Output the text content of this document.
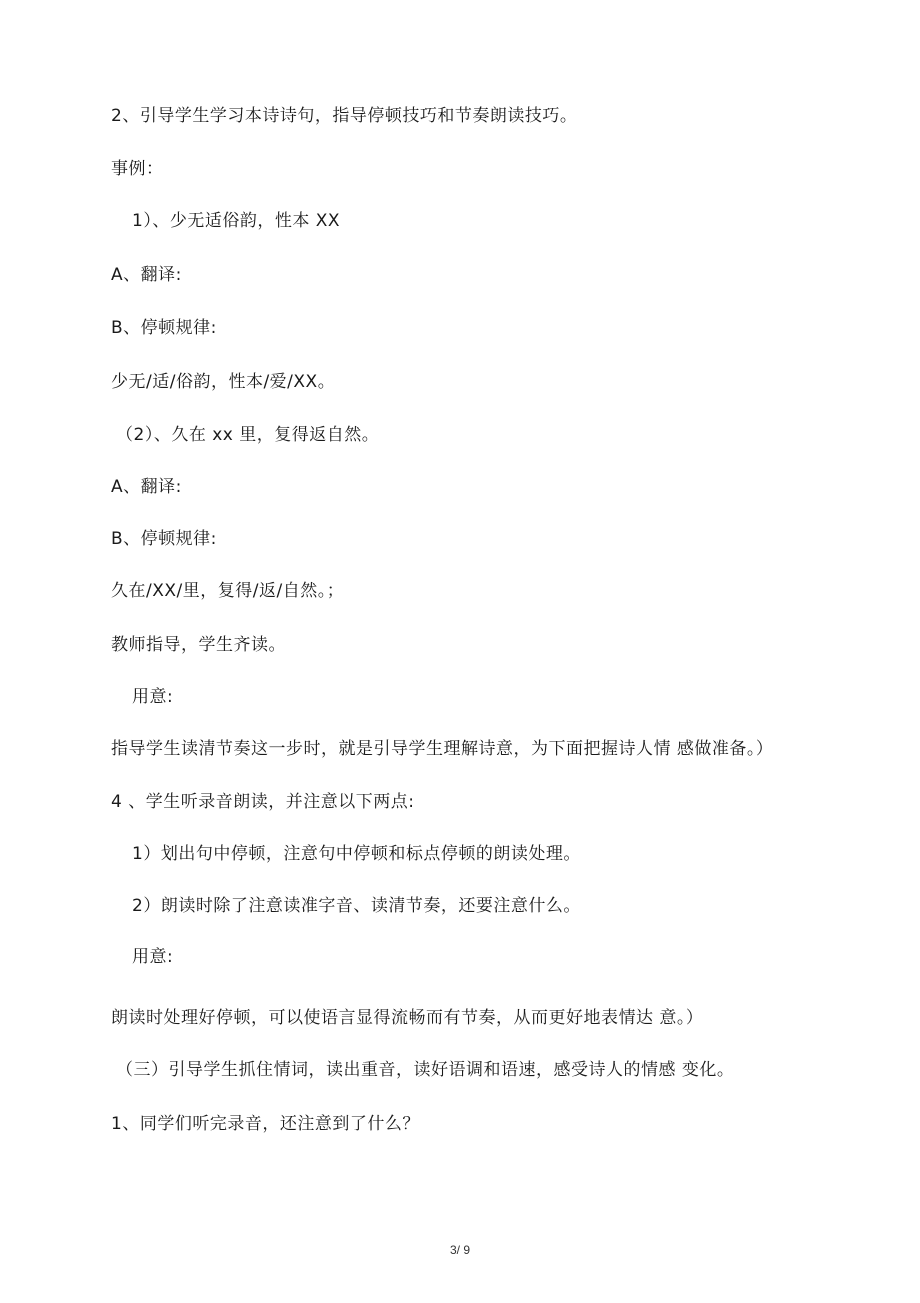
2、引导学生学习本诗诗句，指导停顿技巧和节奏朗读技巧。
事例：
1）、少无适俗韵，性本 XX
A、翻译:
B、停顿规律:
少无/适/俗韵，性本/爱/XX。
（2）、久在 xx 里，复得返自然。
A、翻译:
B、停顿规律:
久在/XX/里，复得/返/自然。；
教师指导，学生齐读。
用意:
指导学生读清节奏这一步时，就是引导学生理解诗意，为下面把握诗人情 感做准备。）
4 、学生听录音朗读，并注意以下两点:
1）划出句中停顿，注意句中停顿和标点停顿的朗读处理。
2）朗读时除了注意读准字音、读清节奏，还要注意什么。
用意:
朗读时处理好停顿，可以使语言显得流畅而有节奏，从而更好地表情达 意。）
（三）引导学生抓住情词，读出重音，读好语调和语速，感受诗人的情感 变化。
1、同学们听完录音，还注意到了什么？
3/ 9
